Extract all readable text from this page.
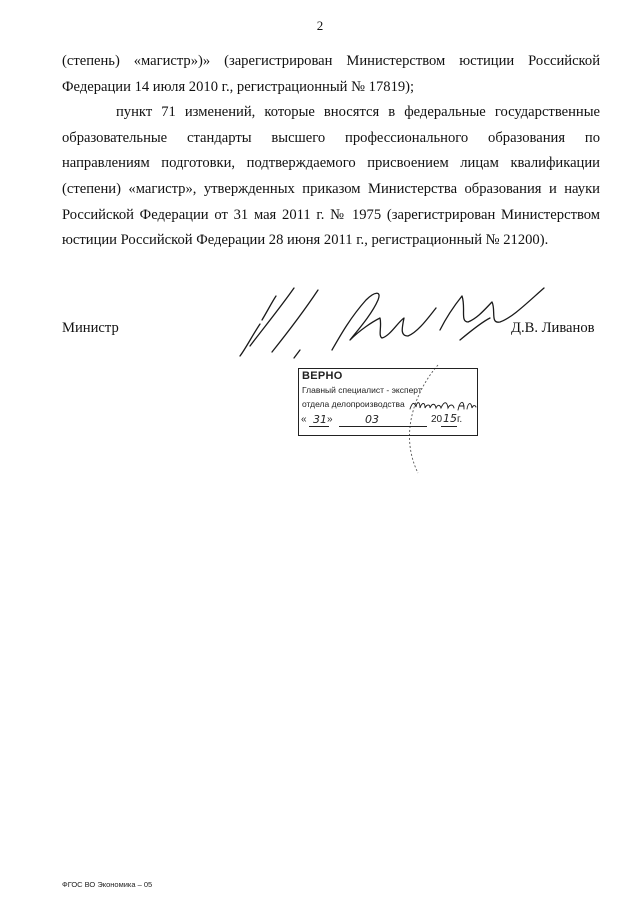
2

(степень) «магистр»)» (зарегистрирован Министерством юстиции Российской Федерации 14 июля 2010 г., регистрационный № 17819);

пункт 71 изменений, которые вносятся в федеральные государственные образовательные стандарты высшего профессионального образования по направлениям подготовки, подтверждаемого присвоением лицам квалификации (степени) «магистр», утвержденных приказом Министерства образования и науки Российской Федерации от 31 мая 2011 г. № 1975 (зарегистрирован Министерством юстиции Российской Федерации 28 июня 2011 г., регистрационный № 21200).

Министр	Д.В. Ливанов
ВЕРНО
Главный специалист - эксперт
отдела делопроизводства
« 31 »	03	20 15 г.
ФГОС ВО Экономика – 05
